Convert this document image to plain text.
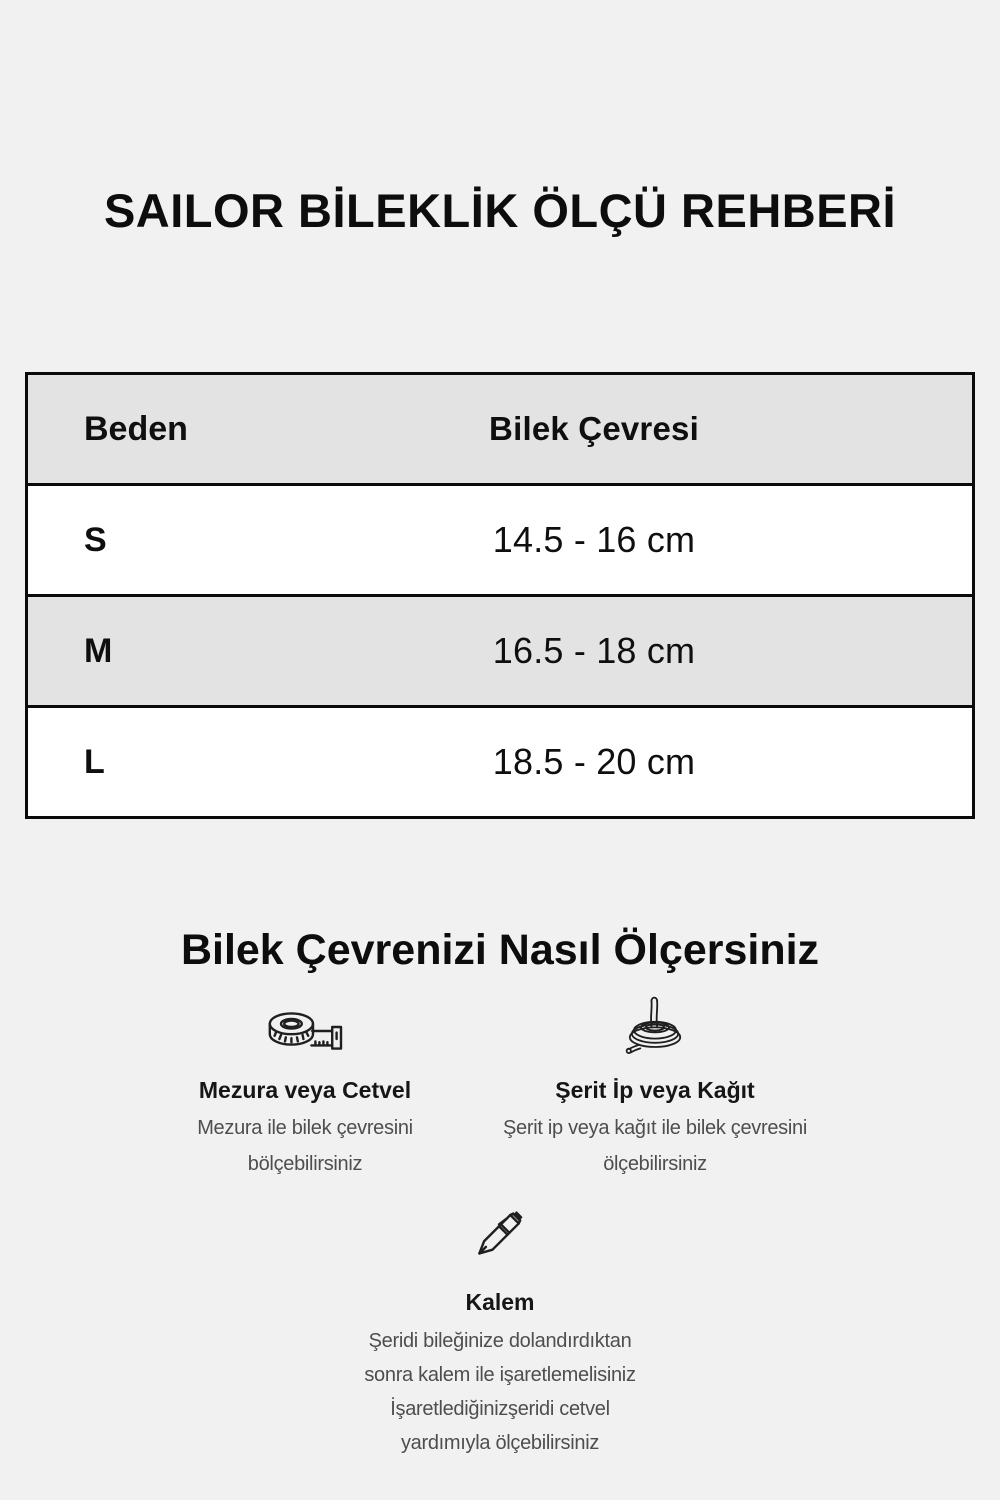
SAILOR BİLEKLİK ÖLÇÜ REHBERİ
Beden	Bilek Çevresi
S	14.5 - 16 cm
M	16.5 - 18 cm
L	18.5 - 20 cm
Bilek Çevrenizi Nasıl Ölçersiniz
Mezura veya Cetvel
Mezura ile bilek çevresini
bölçebilirsiniz
Şerit İp veya Kağıt
Şerit ip veya kağıt ile bilek çevresini
ölçebilirsiniz
Kalem
Şeridi bileğinize dolandırdıktan
sonra kalem ile işaretlemelisiniz
İşaretlediğinizşeridi cetvel
yardımıyla ölçebilirsiniz
